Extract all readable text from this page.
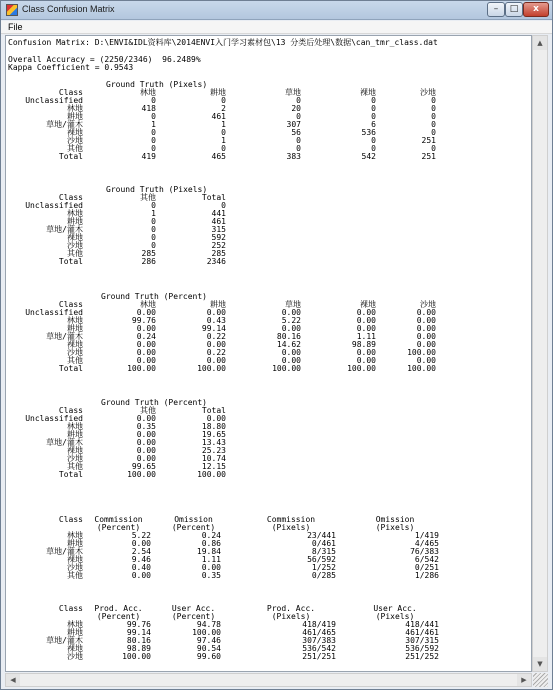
Class Confusion Matrix	–	□	x
File
Confusion Matrix: D:\ENVI&IDL资料库\2014ENVI入门学习素材包\13 分类后处理\数据\can_tmr_class.dat
Overall Accuracy = (2250/2346)  96.2489%
Kappa Coefficient = 0.9543
Ground Truth (Pixels)
Class	林地	耕地	草地	裸地	沙地
Unclassified	0	0	0	0	0
林地	418	2	20	0	0
耕地	0	461	0	0	0
草地/灌木	1	1	307	6	0
裸地	0	0	56	536	0
沙地	0	1	0	0	251
其他	0	0	0	0	0
Total	419	465	383	542	251
Ground Truth (Pixels)
Class	其他	Total
Unclassified	0	0
林地	1	441
耕地	0	461
草地/灌木	0	315
裸地	0	592
沙地	0	252
其他	285	285
Total	286	2346
Ground Truth (Percent)
Class	林地	耕地	草地	裸地	沙地
Unclassified	0.00	0.00	0.00	0.00	0.00
林地	99.76	0.43	5.22	0.00	0.00
耕地	0.00	99.14	0.00	0.00	0.00
草地/灌木	0.24	0.22	80.16	1.11	0.00
裸地	0.00	0.00	14.62	98.89	0.00
沙地	0.00	0.22	0.00	0.00	100.00
其他	0.00	0.00	0.00	0.00	0.00
Total	100.00	100.00	100.00	100.00	100.00
Ground Truth (Percent)
Class	其他	Total
Unclassified	0.00	0.00
林地	0.35	18.80
耕地	0.00	19.65
草地/灌木	0.00	13.43
裸地	0.00	25.23
沙地	0.00	10.74
其他	99.65	12.15
Total	100.00	100.00
Class	Commission	Omission	Commission	Omission
(Percent)	(Percent)	(Pixels)	(Pixels)
林地	5.22	0.24	23/441	1/419
耕地	0.00	0.86	0/461	4/465
草地/灌木	2.54	19.84	8/315	76/383
裸地	9.46	1.11	56/592	6/542
沙地	0.40	0.00	1/252	0/251
其他	0.00	0.35	0/285	1/286
Class	Prod. Acc.	User Acc.	Prod. Acc.	User Acc.
(Percent)	(Percent)	(Pixels)	(Pixels)
林地	99.76	94.78	418/419	418/441
耕地	99.14	100.00	461/465	461/461
草地/灌木	80.16	97.46	307/383	307/315
裸地	98.89	90.54	536/542	536/592
沙地	100.00	99.60	251/251	251/252
▲
▼
◀	▶
